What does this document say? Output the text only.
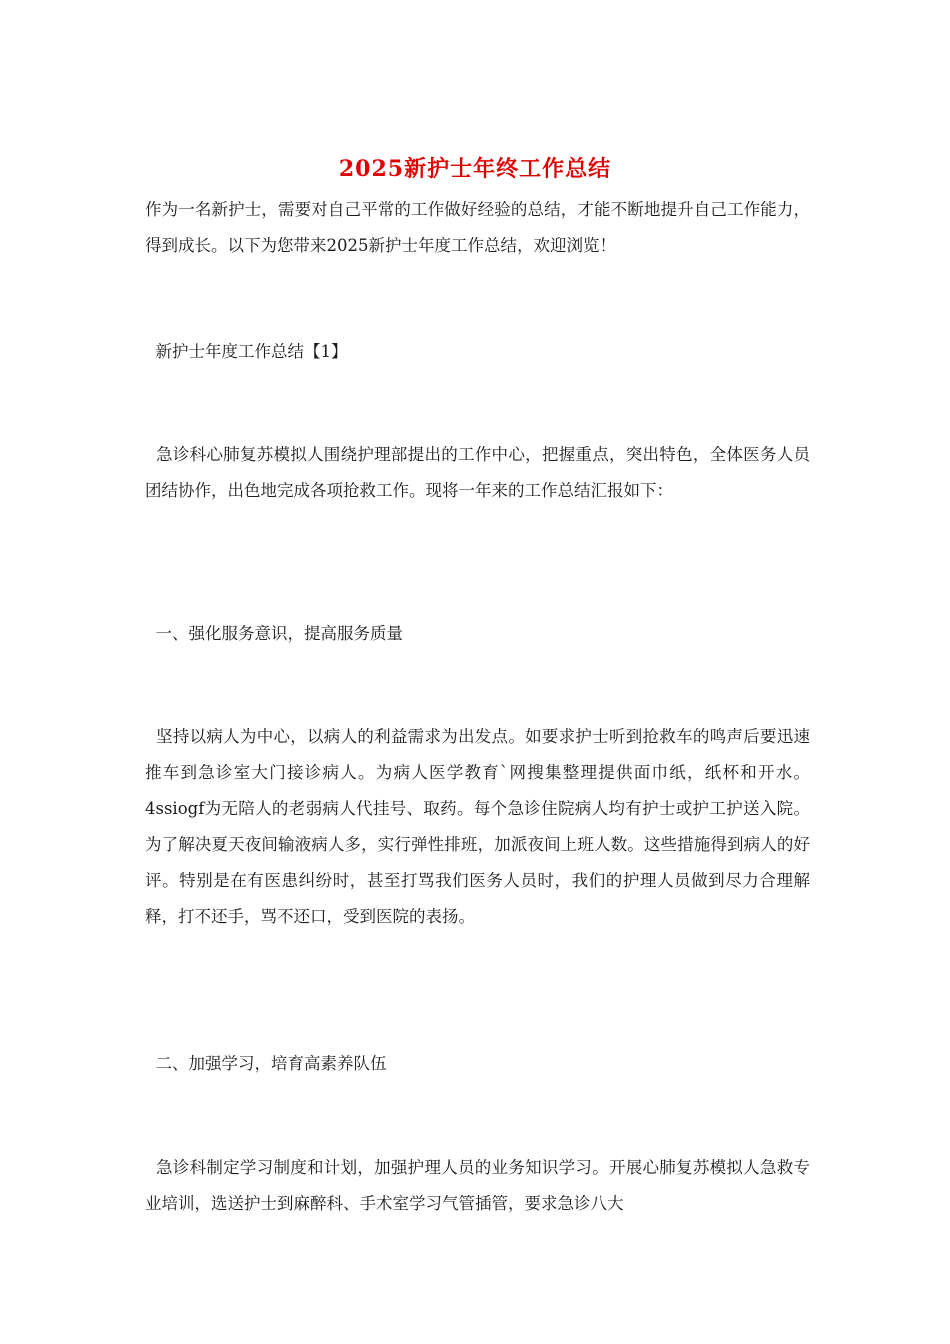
2025新护士年终工作总结
作为一名新护士，需要对自己平常的工作做好经验的总结，才能不断地提升自己工作能力，得到成长。以下为您带来2025新护士年度工作总结，欢迎浏览！
新护士年度工作总结【1】
急诊科心肺复苏模拟人围绕护理部提出的工作中心，把握重点，突出特色，全体医务人员团结协作，出色地完成各项抢救工作。现将一年来的工作总结汇报如下：
一、强化服务意识，提高服务质量
坚持以病人为中心，以病人的利益需求为出发点。如要求护士听到抢救车的鸣声后要迅速推车到急诊室大门接诊病人。为病人医学教育`网搜集整理提供面巾纸，纸杯和开水。4ssiogf为无陪人的老弱病人代挂号、取药。每个急诊住院病人均有护士或护工护送入院。为了解决夏天夜间输液病人多，实行弹性排班，加派夜间上班人数。这些措施得到病人的好评。特别是在有医患纠纷时，甚至打骂我们医务人员时，我们的护理人员做到尽力合理解释，打不还手，骂不还口，受到医院的表扬。
二、加强学习，培育高素养队伍
急诊科制定学习制度和计划，加强护理人员的业务知识学习。开展心肺复苏模拟人急救专业培训，选送护士到麻醉科、手术室学习气管插管，要求急诊八大
